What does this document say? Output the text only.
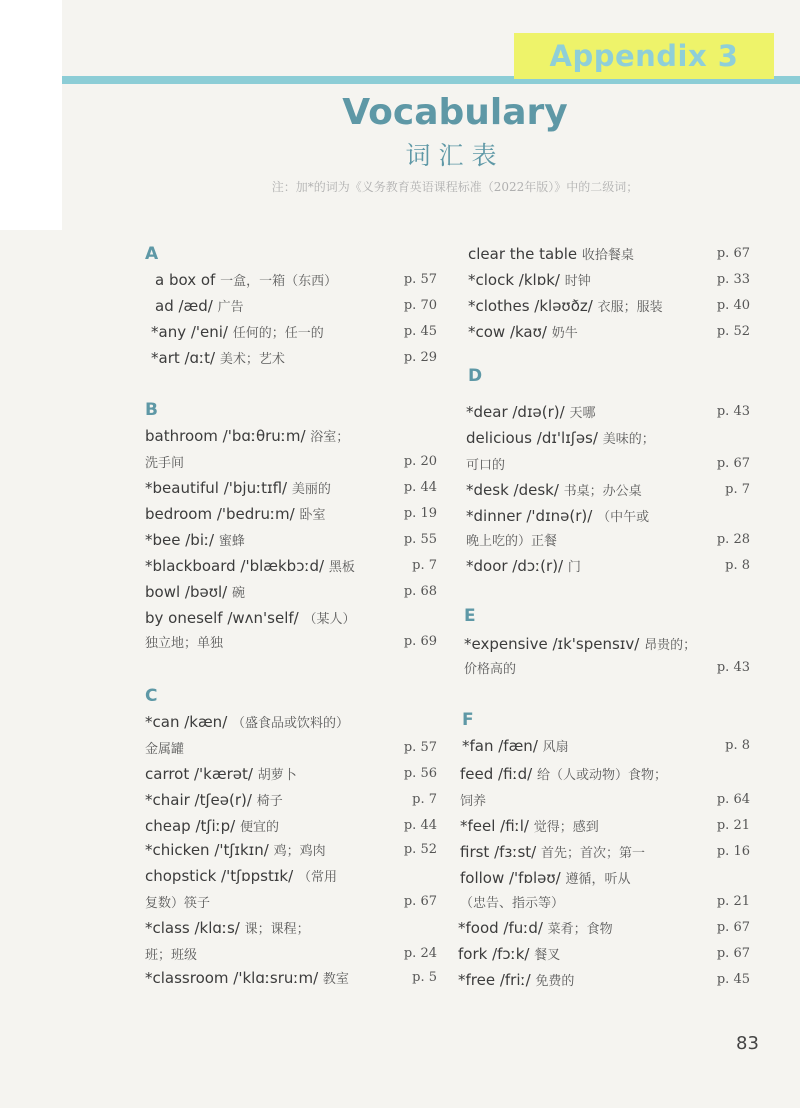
Appendix 3
Vocabulary
词汇表
注：加*的词为《义务教育英语课程标准（2022年版）》中的二级词；
A
a box of 一盒，一箱（东西）	p. 57
ad /æd/ 广告	p. 70
*any /'eni/ 任何的；任一的	p. 45
*art /ɑːt/ 美术；艺术	p. 29
B
bathroom /'bɑːθruːm/ 浴室；
洗手间	p. 20
*beautiful /'bjuːtɪfl/ 美丽的	p. 44
bedroom /'bedruːm/ 卧室	p. 19
*bee /biː/ 蜜蜂	p. 55
*blackboard /'blækbɔːd/ 黑板	p. 7
bowl /bəʊl/ 碗	p. 68
by oneself /wʌn'self/ （某人）
独立地；单独	p. 69
C
*can /kæn/ （盛食品或饮料的）
金属罐	p. 57
carrot /'kærət/ 胡萝卜	p. 56
*chair /tʃeə(r)/ 椅子	p. 7
cheap /tʃiːp/ 便宜的	p. 44
*chicken /'tʃɪkɪn/ 鸡；鸡肉	p. 52
chopstick /'tʃɒpstɪk/ （常用
复数）筷子	p. 67
*class /klɑːs/ 课；课程；
班；班级	p. 24
*classroom /'klɑːsruːm/ 教室	p. 5
clear the table 收拾餐桌	p. 67
*clock /klɒk/ 时钟	p. 33
*clothes /kləʊðz/ 衣服；服装	p. 40
*cow /kaʊ/ 奶牛	p. 52
D
*dear /dɪə(r)/ 天哪	p. 43
delicious /dɪ'lɪʃəs/ 美味的；
可口的	p. 67
*desk /desk/ 书桌；办公桌	p. 7
*dinner /'dɪnə(r)/ （中午或
晚上吃的）正餐	p. 28
*door /dɔː(r)/ 门	p. 8
E
*expensive /ɪk'spensɪv/ 昂贵的；
价格高的	p. 43
F
*fan /fæn/ 风扇	p. 8
feed /fiːd/ 给（人或动物）食物；
饲养	p. 64
*feel /fiːl/ 觉得；感到	p. 21
first /fɜːst/ 首先；首次；第一	p. 16
follow /'fɒləʊ/ 遵循，听从
（忠告、指示等）	p. 21
*food /fuːd/ 菜肴；食物	p. 67
fork /fɔːk/ 餐叉	p. 67
*free /friː/ 免费的	p. 45
83
